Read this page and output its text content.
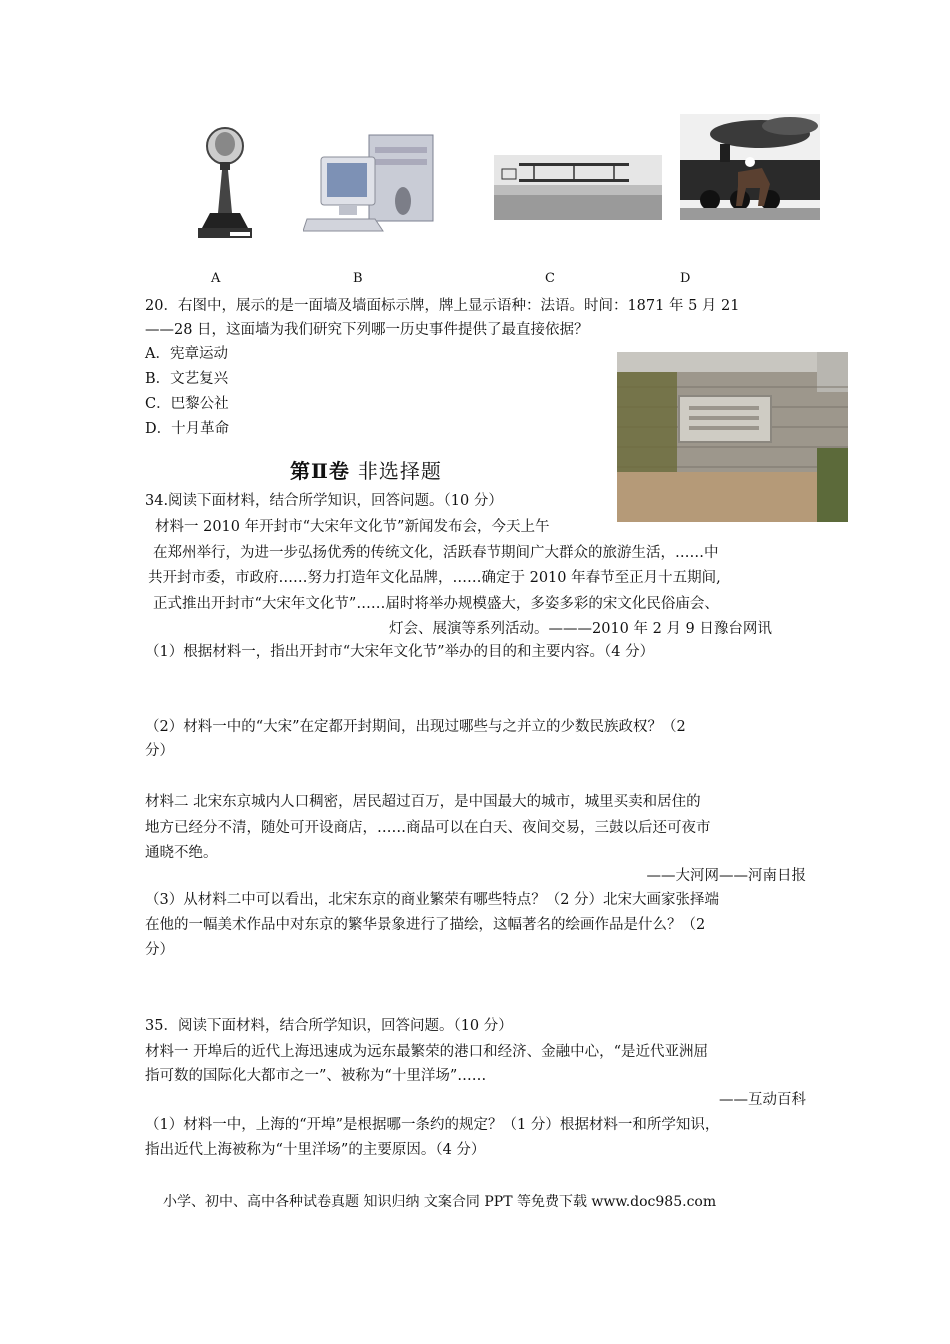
A	B	C	D
20．右图中，展示的是一面墙及墙面标示牌，牌上显示语种：法语。时间：1871 年 5 月 21
——28 日，这面墙为我们研究下列哪一历史事件提供了最直接依据？
A．宪章运动
B．文艺复兴
C．巴黎公社
D．十月革命
第Ⅱ卷 非选择题
34.阅读下面材料，结合所学知识，回答问题。（10 分）
材料一 2010 年开封市“大宋年文化节”新闻发布会，今天上午
在郑州举行，为进一步弘扬优秀的传统文化，活跃春节期间广大群众的旅游生活，……中
共开封市委，市政府……努力打造年文化品牌，……确定于 2010 年春节至正月十五期间,
正式推出开封市“大宋年文化节”……届时将举办规模盛大，多姿多彩的宋文化民俗庙会、
灯会、展演等系列活动。———2010 年 2 月 9 日豫台网讯
（1）根据材料一，指出开封市“大宋年文化节”举办的目的和主要内容。（4 分）
（2）材料一中的“大宋”在定都开封期间，出现过哪些与之并立的少数民族政权？（2
分）
材料二 北宋东京城内人口稠密，居民超过百万，是中国最大的城市，城里买卖和居住的
地方已经分不清，随处可开设商店，……商品可以在白天、夜间交易，三鼓以后还可夜市
通晓不绝。
——大河网——河南日报
（3）从材料二中可以看出，北宋东京的商业繁荣有哪些特点？（2 分）北宋大画家张择端
在他的一幅美术作品中对东京的繁华景象进行了描绘，这幅著名的绘画作品是什么？（2
分）
35．阅读下面材料，结合所学知识，回答问题。（10 分）
材料一 开埠后的近代上海迅速成为远东最繁荣的港口和经济、金融中心，“是近代亚洲屈
指可数的国际化大都市之一”、被称为“十里洋场”……
——互动百科
（1）材料一中，上海的“开埠”是根据哪一条约的规定？（1 分）根据材料一和所学知识，
指出近代上海被称为“十里洋场”的主要原因。（4 分）
小学、初中、高中各种试卷真题 知识归纳 文案合同 PPT 等免费下载 www.doc985.com
